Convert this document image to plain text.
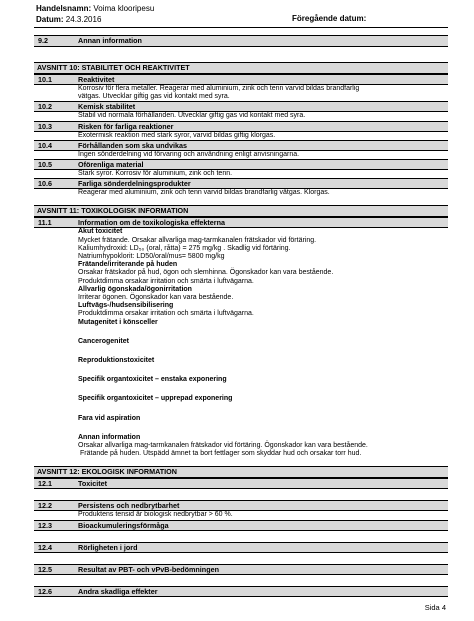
Handelsnamn: Voima klooripesu
Datum: 24.3.2016	Föregående datum:
9.2	Annan information
AVSNITT 10: STABILITET OCH REAKTIVITET
10.1	Reaktivitet
Korrosiv för flera metaller. Reagerar med aluminium, zink och tenn varvid bildas brandfarlig
vätgas. Utvecklar giftig gas vid kontakt med syra.
10.2	Kemisk stabilitet
Stabil vid normala förhållanden. Utvecklar giftig gas vid kontakt med syra.
10.3	Risken för farliga reaktioner
Exotermisk reaktion med stark syror, varvid bildas giftig klorgas.
10.4	Förhållanden som ska undvikas
Ingen sönderdelning vid förvaring och användning enligt anvisningarna.
10.5	Oförenliga material
Stark syror. Korrosiv för aluminium, zink och tenn.
10.6	Farliga sönderdelningsprodukter
Reagerar med aluminium, zink och tenn varvid bildas brandfarlig vätgas. Klorgas.
AVSNITT 11: TOXIKOLOGISK INFORMATION
11.1	Information om de toxikologiska effekterna
Akut toxicitet
Mycket frätande. Orsakar allvarliga mag-tarmkanalen frätskador vid förtäring.
Kaliumhydroxid: LD₅₀ (oral, råtta) = 275 mg/kg . Skadlig vid förtäring.
Natriumhypoklorit: LD50/oral/mus= 5800 mg/kg
Frätande/irriterande på huden
Orsakar frätskador på hud, ögon och slemhinna. Ögonskador kan vara bestående.
Produktdimma orsakar irritation och smärta i luftvägarna.
Allvarlig ögonskada/ögonirritation
Irriterar ögonen. Ögonskador kan vara bestående.
Luftvägs-/hudsensibilisering
Produktdimma orsakar irritation och smärta i luftvägarna.
Mutagenitet i könsceller
Cancerogenitet
Reproduktionstoxicitet
Specifik organtoxicitet – enstaka exponering
Specifik organtoxicitet – upprepad exponering
Fara vid aspiration
Annan information
Orsakar allvarliga mag-tarmkanalen frätskador vid förtäring. Ögonskador kan vara bestående.
Frätande på huden. Utspädd ämnet ta bort fettlager som skyddar hud och orsakar torr hud.
AVSNITT 12: EKOLOGISK INFORMATION
12.1	Toxicitet
12.2	Persistens och nedbrytbarhet
Produktens tensid är biologisk nedbrytbar > 60 %.
12.3	Bioackumuleringsförmåga
12.4	Rörligheten i jord
12.5	Resultat av PBT- och vPvB-bedömningen
12.6	Andra skadliga effekter
Sida 4
